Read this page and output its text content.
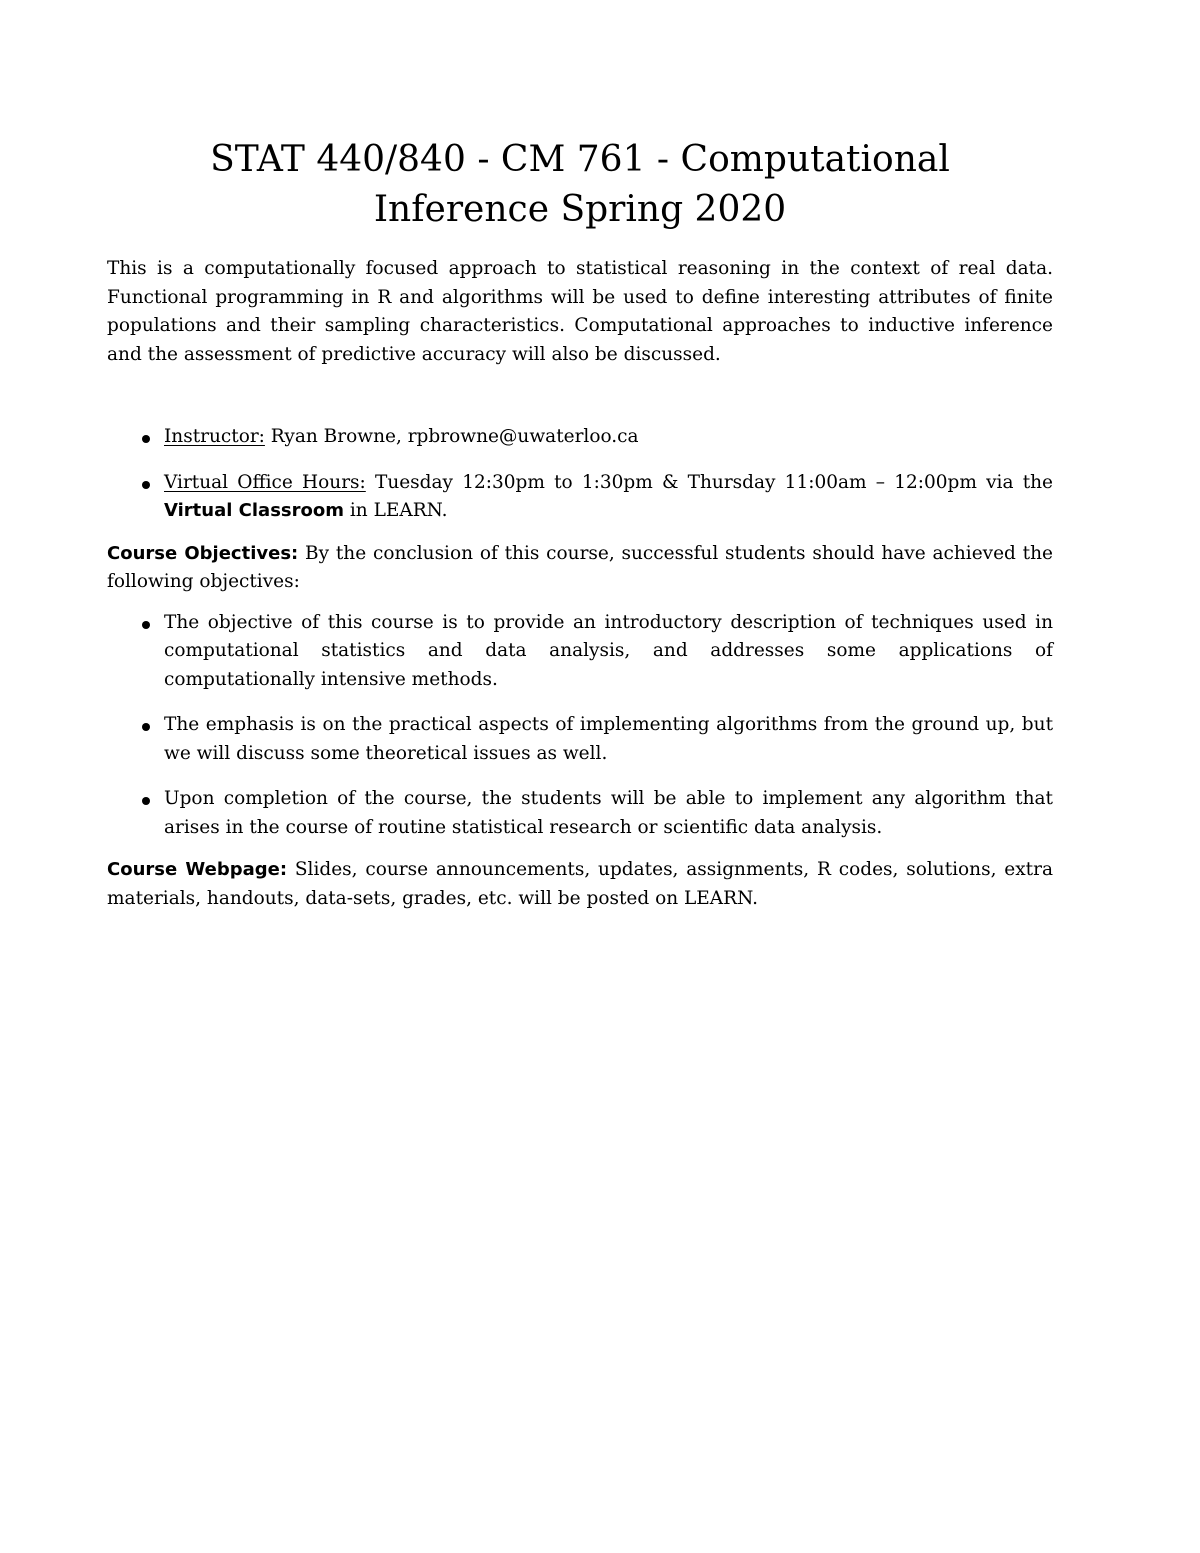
STAT 440/840 - CM 761 - Computational
Inference Spring 2020

This is a computationally focused approach to statistical reasoning in the context of real data. Functional programming in R and algorithms will be used to define interesting attributes of finite populations and their sampling characteristics. Computational approaches to inductive inference and the assessment of predictive accuracy will also be discussed.

Instructor: Ryan Browne, rpbrowne@uwaterloo.ca
Virtual Office Hours: Tuesday 12:30pm to 1:30pm & Thursday 11:00am – 12:00pm via the Virtual Classroom in LEARN.

Course Objectives: By the conclusion of this course, successful students should have achieved the following objectives:

The objective of this course is to provide an introductory description of techniques used in computational statistics and data analysis, and addresses some applications of computationally intensive methods.
The emphasis is on the practical aspects of implementing algorithms from the ground up, but we will discuss some theoretical issues as well.
Upon completion of the course, the students will be able to implement any algorithm that arises in the course of routine statistical research or scientific data analysis.

Course Webpage: Slides, course announcements, updates, assignments, R codes, solutions, extra materials, handouts, data-sets, grades, etc. will be posted on LEARN.
